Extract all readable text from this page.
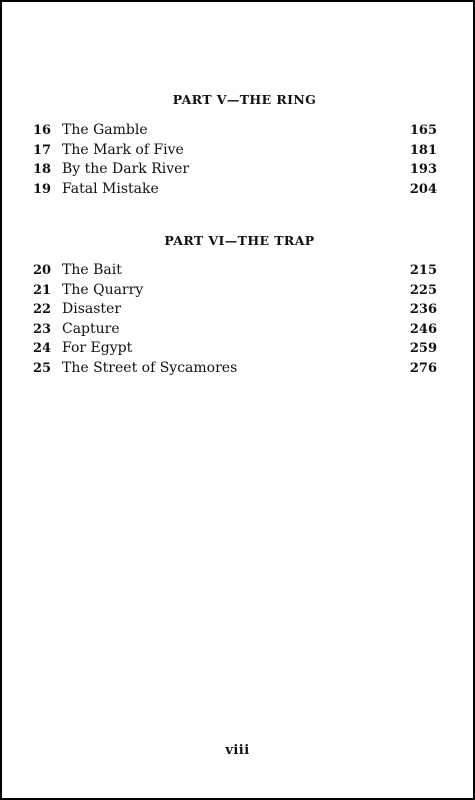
PART V—THE RING
16 The Gamble	165
17 The Mark of Five	181
18 By the Dark River	193
19 Fatal Mistake	204
PART VI—THE TRAP
20 The Bait	215
21 The Quarry	225
22 Disaster	236
23 Capture	246
24 For Egypt	259
25 The Street of Sycamores	276
viii
